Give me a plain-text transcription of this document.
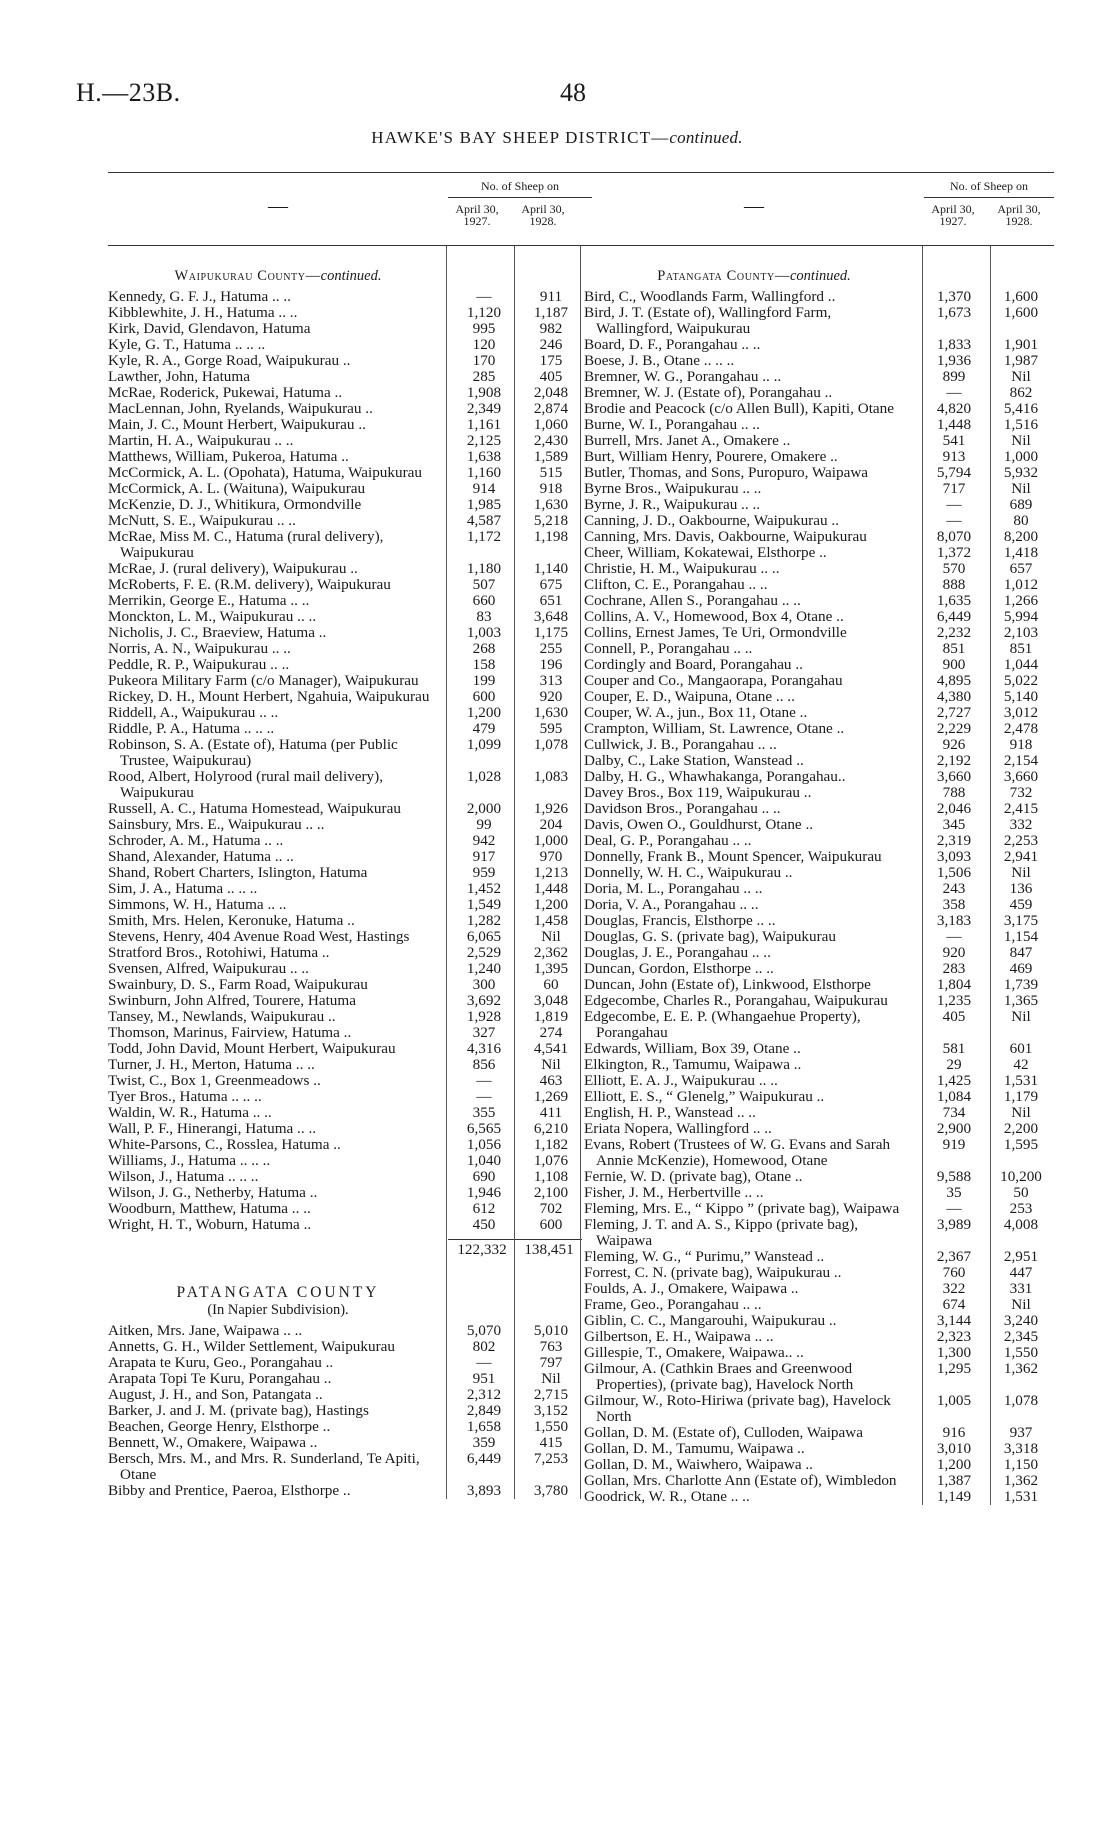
H.—23B.	48
HAWKE'S BAY SHEEP DISTRICT—continued.
—
No. of Sheep on
April 30,
1927.
April 30,
1928.
Waipukurau County—continued.
Kennedy, G. F. J., Hatuma .. ..	—	911
Kibblewhite, J. H., Hatuma .. ..	1,120	1,187
Kirk, David, Glendavon, Hatuma	995	982
Kyle, G. T., Hatuma .. .. ..	120	246
Kyle, R. A., Gorge Road, Waipukurau ..	170	175
Lawther, John, Hatuma	285	405
McRae, Roderick, Pukewai, Hatuma ..	1,908	2,048
MacLennan, John, Ryelands, Waipukurau ..	2,349	2,874
Main, J. C., Mount Herbert, Waipukurau ..	1,161	1,060
Martin, H. A., Waipukurau .. ..	2,125	2,430
Matthews, William, Pukeroa, Hatuma ..	1,638	1,589
McCormick, A. L. (Opohata), Hatuma, Waipukurau	1,160	515
McCormick, A. L. (Waituna), Waipukurau	914	918
McKenzie, D. J., Whitikura, Ormondville	1,985	1,630
McNutt, S. E., Waipukurau .. ..	4,587	5,218
McRae, Miss M. C., Hatuma (rural delivery), Waipukurau
1,172	1,198
McRae, J. (rural delivery), Waipukurau ..	1,180	1,140
McRoberts, F. E. (R.M. delivery), Waipukurau	507	675
Merrikin, George E., Hatuma .. ..	660	651
Monckton, L. M., Waipukurau .. ..	83	3,648
Nicholis, J. C., Braeview, Hatuma ..	1,003	1,175
Norris, A. N., Waipukurau .. ..	268	255
Peddle, R. P., Waipukurau .. ..	158	196
Pukeora Military Farm (c/o Manager), Waipukurau	199	313
Rickey, D. H., Mount Herbert, Ngahuia, Waipukurau	600	920
Riddell, A., Waipukurau .. ..	1,200	1,630
Riddle, P. A., Hatuma .. .. ..	479	595
Robinson, S. A. (Estate of), Hatuma (per Public Trustee, Waipukurau)
1,099	1,078
Rood, Albert, Holyrood (rural mail delivery), Waipukurau
1,028	1,083
Russell, A. C., Hatuma Homestead, Waipukurau	2,000	1,926
Sainsbury, Mrs. E., Waipukurau .. ..	99	204
Schroder, A. M., Hatuma .. ..	942	1,000
Shand, Alexander, Hatuma .. ..	917	970
Shand, Robert Charters, Islington, Hatuma	959	1,213
Sim, J. A., Hatuma .. .. ..	1,452	1,448
Simmons, W. H., Hatuma .. ..	1,549	1,200
Smith, Mrs. Helen, Keronuke, Hatuma ..	1,282	1,458
Stevens, Henry, 404 Avenue Road West, Hastings	6,065	Nil
Stratford Bros., Rotohiwi, Hatuma ..	2,529	2,362
Svensen, Alfred, Waipukurau .. ..	1,240	1,395
Swainbury, D. S., Farm Road, Waipukurau	300	60
Swinburn, John Alfred, Tourere, Hatuma	3,692	3,048
Tansey, M., Newlands, Waipukurau ..	1,928	1,819
Thomson, Marinus, Fairview, Hatuma ..	327	274
Todd, John David, Mount Herbert, Waipukurau	4,316	4,541
Turner, J. H., Merton, Hatuma .. ..	856	Nil
Twist, C., Box 1, Greenmeadows ..	—	463
Tyer Bros., Hatuma .. .. ..	—	1,269
Waldin, W. R., Hatuma .. ..	355	411
Wall, P. F., Hinerangi, Hatuma .. ..	6,565	6,210
White-Parsons, C., Rosslea, Hatuma ..	1,056	1,182
Williams, J., Hatuma .. .. ..	1,040	1,076
Wilson, J., Hatuma .. .. ..	690	1,108
Wilson, J. G., Netherby, Hatuma ..	1,946	2,100
Woodburn, Matthew, Hatuma .. ..	612	702
Wright, H. T., Woburn, Hatuma ..	450	600
122,332	138,451
PATANGATA COUNTY
(In Napier Subdivision).
Aitken, Mrs. Jane, Waipawa .. ..	5,070	5,010
Annetts, G. H., Wilder Settlement, Waipukurau	802	763
Arapata te Kuru, Geo., Porangahau ..	—	797
Arapata Topi Te Kuru, Porangahau ..	951	Nil
August, J. H., and Son, Patangata ..	2,312	2,715
Barker, J. and J. M. (private bag), Hastings	2,849	3,152
Beachen, George Henry, Elsthorpe ..	1,658	1,550
Bennett, W., Omakere, Waipawa ..	359	415
Bersch, Mrs. M., and Mrs. R. Sunderland, Te Apiti, Otane
6,449	7,253
Bibby and Prentice, Paeroa, Elsthorpe ..	3,893	3,780
—
No. of Sheep on
April 30,
1927.
April 30,
1928.
Patangata County—continued.
Bird, C., Woodlands Farm, Wallingford ..	1,370	1,600
Bird, J. T. (Estate of), Wallingford Farm, Wallingford, Waipukurau
1,673	1,600
Board, D. F., Porangahau .. ..	1,833	1,901
Boese, J. B., Otane .. .. ..	1,936	1,987
Bremner, W. G., Porangahau .. ..	899	Nil
Bremner, W. J. (Estate of), Porangahau ..	—	862
Brodie and Peacock (c/o Allen Bull), Kapiti, Otane	4,820	5,416
Burne, W. I., Porangahau .. ..	1,448	1,516
Burrell, Mrs. Janet A., Omakere ..	541	Nil
Burt, William Henry, Pourere, Omakere ..	913	1,000
Butler, Thomas, and Sons, Puropuro, Waipawa	5,794	5,932
Byrne Bros., Waipukurau .. ..	717	Nil
Byrne, J. R., Waipukurau .. ..	—	689
Canning, J. D., Oakbourne, Waipukurau ..	—	80
Canning, Mrs. Davis, Oakbourne, Waipukurau	8,070	8,200
Cheer, William, Kokatewai, Elsthorpe ..	1,372	1,418
Christie, H. M., Waipukurau .. ..	570	657
Clifton, C. E., Porangahau .. ..	888	1,012
Cochrane, Allen S., Porangahau .. ..	1,635	1,266
Collins, A. V., Homewood, Box 4, Otane ..	6,449	5,994
Collins, Ernest James, Te Uri, Ormondville	2,232	2,103
Connell, P., Porangahau .. ..	851	851
Cordingly and Board, Porangahau ..	900	1,044
Couper and Co., Mangaorapa, Porangahau	4,895	5,022
Couper, E. D., Waipuna, Otane .. ..	4,380	5,140
Couper, W. A., jun., Box 11, Otane ..	2,727	3,012
Crampton, William, St. Lawrence, Otane ..	2,229	2,478
Cullwick, J. B., Porangahau .. ..	926	918
Dalby, C., Lake Station, Wanstead ..	2,192	2,154
Dalby, H. G., Whawhakanga, Porangahau..	3,660	3,660
Davey Bros., Box 119, Waipukurau ..	788	732
Davidson Bros., Porangahau .. ..	2,046	2,415
Davis, Owen O., Gouldhurst, Otane ..	345	332
Deal, G. P., Porangahau .. ..	2,319	2,253
Donnelly, Frank B., Mount Spencer, Waipukurau	3,093	2,941
Donnelly, W. H. C., Waipukurau ..	1,506	Nil
Doria, M. L., Porangahau .. ..	243	136
Doria, V. A., Porangahau .. ..	358	459
Douglas, Francis, Elsthorpe .. ..	3,183	3,175
Douglas, G. S. (private bag), Waipukurau	—	1,154
Douglas, J. E., Porangahau .. ..	920	847
Duncan, Gordon, Elsthorpe .. ..	283	469
Duncan, John (Estate of), Linkwood, Elsthorpe	1,804	1,739
Edgecombe, Charles R., Porangahau, Waipukurau	1,235	1,365
Edgecombe, E. E. P. (Whangaehue Property), Porangahau
405	Nil
Edwards, William, Box 39, Otane ..	581	601
Elkington, R., Tamumu, Waipawa ..	29	42
Elliott, E. A. J., Waipukurau .. ..	1,425	1,531
Elliott, E. S., “ Glenelg,” Waipukurau ..	1,084	1,179
English, H. P., Wanstead .. ..	734	Nil
Eriata Nopera, Wallingford .. ..	2,900	2,200
Evans, Robert (Trustees of W. G. Evans and Sarah Annie McKenzie), Homewood, Otane
919	1,595
Fernie, W. D. (private bag), Otane ..	9,588	10,200
Fisher, J. M., Herbertville .. ..	35	50
Fleming, Mrs. E., “ Kippo ” (private bag), Waipawa	—	253
Fleming, J. T. and A. S., Kippo (private bag), Waipawa
3,989	4,008
Fleming, W. G., “ Purimu,” Wanstead ..	2,367	2,951
Forrest, C. N. (private bag), Waipukurau ..	760	447
Foulds, A. J., Omakere, Waipawa ..	322	331
Frame, Geo., Porangahau .. ..	674	Nil
Giblin, C. C., Mangarouhi, Waipukurau ..	3,144	3,240
Gilbertson, E. H., Waipawa .. ..	2,323	2,345
Gillespie, T., Omakere, Waipawa.. ..	1,300	1,550
Gilmour, A. (Cathkin Braes and Greenwood Properties), (private bag), Havelock North
1,295	1,362
Gilmour, W., Roto-Hiriwa (private bag), Havelock North
1,005	1,078
Gollan, D. M. (Estate of), Culloden, Waipawa	916	937
Gollan, D. M., Tamumu, Waipawa ..	3,010	3,318
Gollan, D. M., Waiwhero, Waipawa ..	1,200	1,150
Gollan, Mrs. Charlotte Ann (Estate of), Wimbledon	1,387	1,362
Goodrick, W. R., Otane .. ..	1,149	1,531
